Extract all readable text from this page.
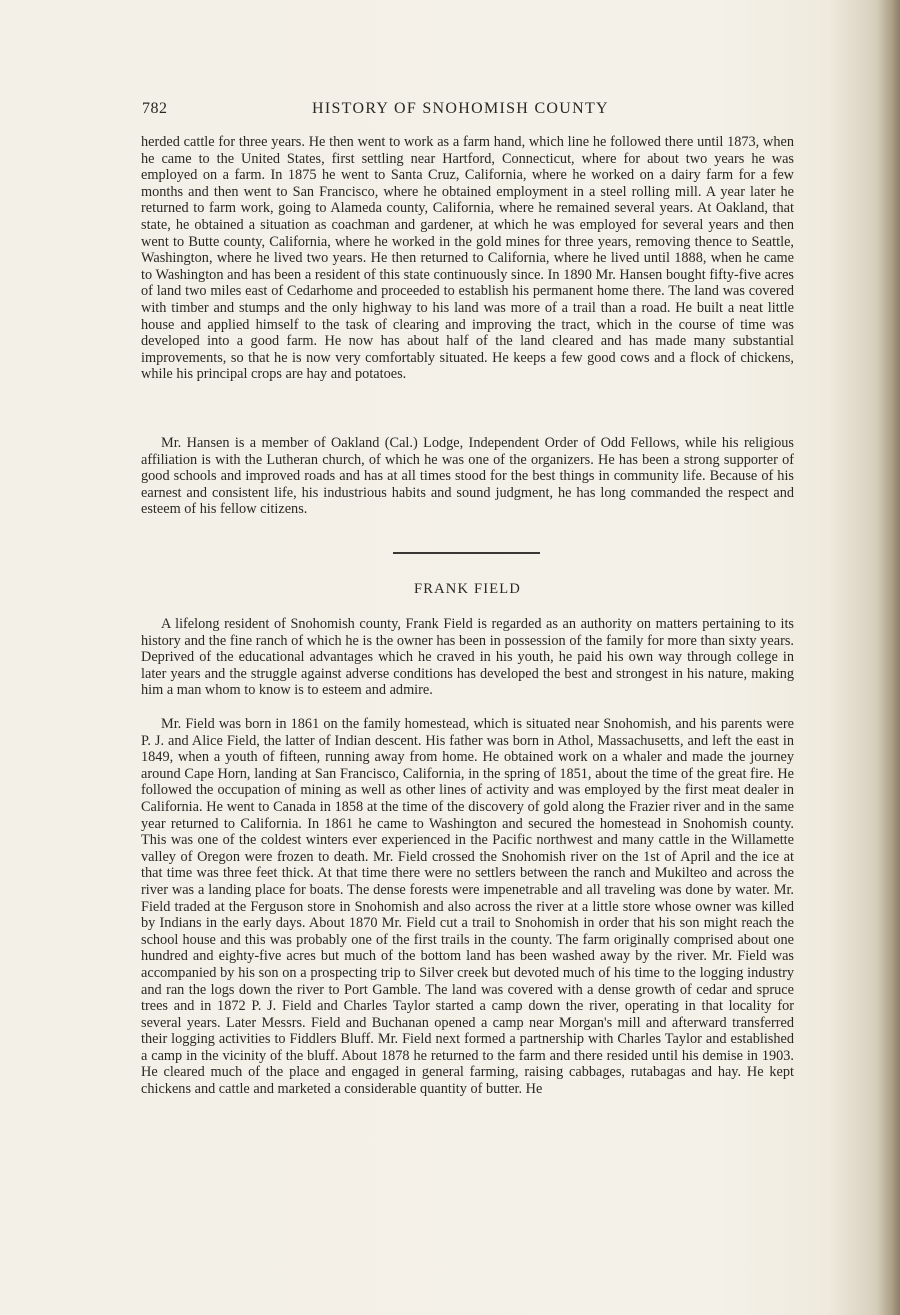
782	HISTORY OF SNOHOMISH COUNTY

herded cattle for three years. He then went to work as a farm hand, which line he followed there until 1873, when he came to the United States, first settling near Hartford, Connecticut, where for about two years he was employed on a farm. In 1875 he went to Santa Cruz, California, where he worked on a dairy farm for a few months and then went to San Francisco, where he obtained employment in a steel rolling mill. A year later he returned to farm work, going to Alameda county, California, where he remained several years. At Oakland, that state, he obtained a situation as coachman and gardener, at which he was employed for several years and then went to Butte county, California, where he worked in the gold mines for three years, removing thence to Seattle, Washington, where he lived two years. He then returned to California, where he lived until 1888, when he came to Washington and has been a resident of this state continuously since. In 1890 Mr. Hansen bought fifty-five acres of land two miles east of Cedarhome and proceeded to establish his permanent home there. The land was covered with timber and stumps and the only highway to his land was more of a trail than a road. He built a neat little house and applied himself to the task of clearing and improving the tract, which in the course of time was developed into a good farm. He now has about half of the land cleared and has made many substantial improvements, so that he is now very comfortably situated. He keeps a few good cows and a flock of chickens, while his principal crops are hay and potatoes.

Mr. Hansen is a member of Oakland (Cal.) Lodge, Independent Order of Odd Fellows, while his religious affiliation is with the Lutheran church, of which he was one of the organizers. He has been a strong supporter of good schools and improved roads and has at all times stood for the best things in community life. Because of his earnest and consistent life, his industrious habits and sound judgment, he has long commanded the respect and esteem of his fellow citizens.

FRANK FIELD

A lifelong resident of Snohomish county, Frank Field is regarded as an authority on matters pertaining to its history and the fine ranch of which he is the owner has been in possession of the family for more than sixty years. Deprived of the educational advantages which he craved in his youth, he paid his own way through college in later years and the struggle against adverse conditions has developed the best and strongest in his nature, making him a man whom to know is to esteem and admire.

Mr. Field was born in 1861 on the family homestead, which is situated near Snohomish, and his parents were P. J. and Alice Field, the latter of Indian descent. His father was born in Athol, Massachusetts, and left the east in 1849, when a youth of fifteen, running away from home. He obtained work on a whaler and made the journey around Cape Horn, landing at San Francisco, California, in the spring of 1851, about the time of the great fire. He followed the occupation of mining as well as other lines of activity and was employed by the first meat dealer in California. He went to Canada in 1858 at the time of the discovery of gold along the Frazier river and in the same year returned to California. In 1861 he came to Washington and secured the homestead in Snohomish county. This was one of the coldest winters ever experienced in the Pacific northwest and many cattle in the Willamette valley of Oregon were frozen to death. Mr. Field crossed the Snohomish river on the 1st of April and the ice at that time was three feet thick. At that time there were no settlers between the ranch and Mukilteo and across the river was a landing place for boats. The dense forests were impenetrable and all traveling was done by water. Mr. Field traded at the Ferguson store in Snohomish and also across the river at a little store whose owner was killed by Indians in the early days. About 1870 Mr. Field cut a trail to Snohomish in order that his son might reach the school house and this was probably one of the first trails in the county. The farm originally comprised about one hundred and eighty-five acres but much of the bottom land has been washed away by the river. Mr. Field was accompanied by his son on a prospecting trip to Silver creek but devoted much of his time to the logging industry and ran the logs down the river to Port Gamble. The land was covered with a dense growth of cedar and spruce trees and in 1872 P. J. Field and Charles Taylor started a camp down the river, operating in that locality for several years. Later Messrs. Field and Buchanan opened a camp near Morgan's mill and afterward transferred their logging activities to Fiddlers Bluff. Mr. Field next formed a partnership with Charles Taylor and established a camp in the vicinity of the bluff. About 1878 he returned to the farm and there resided until his demise in 1903. He cleared much of the place and engaged in general farming, raising cabbages, rutabagas and hay. He kept chickens and cattle and marketed a considerable quantity of butter. He
